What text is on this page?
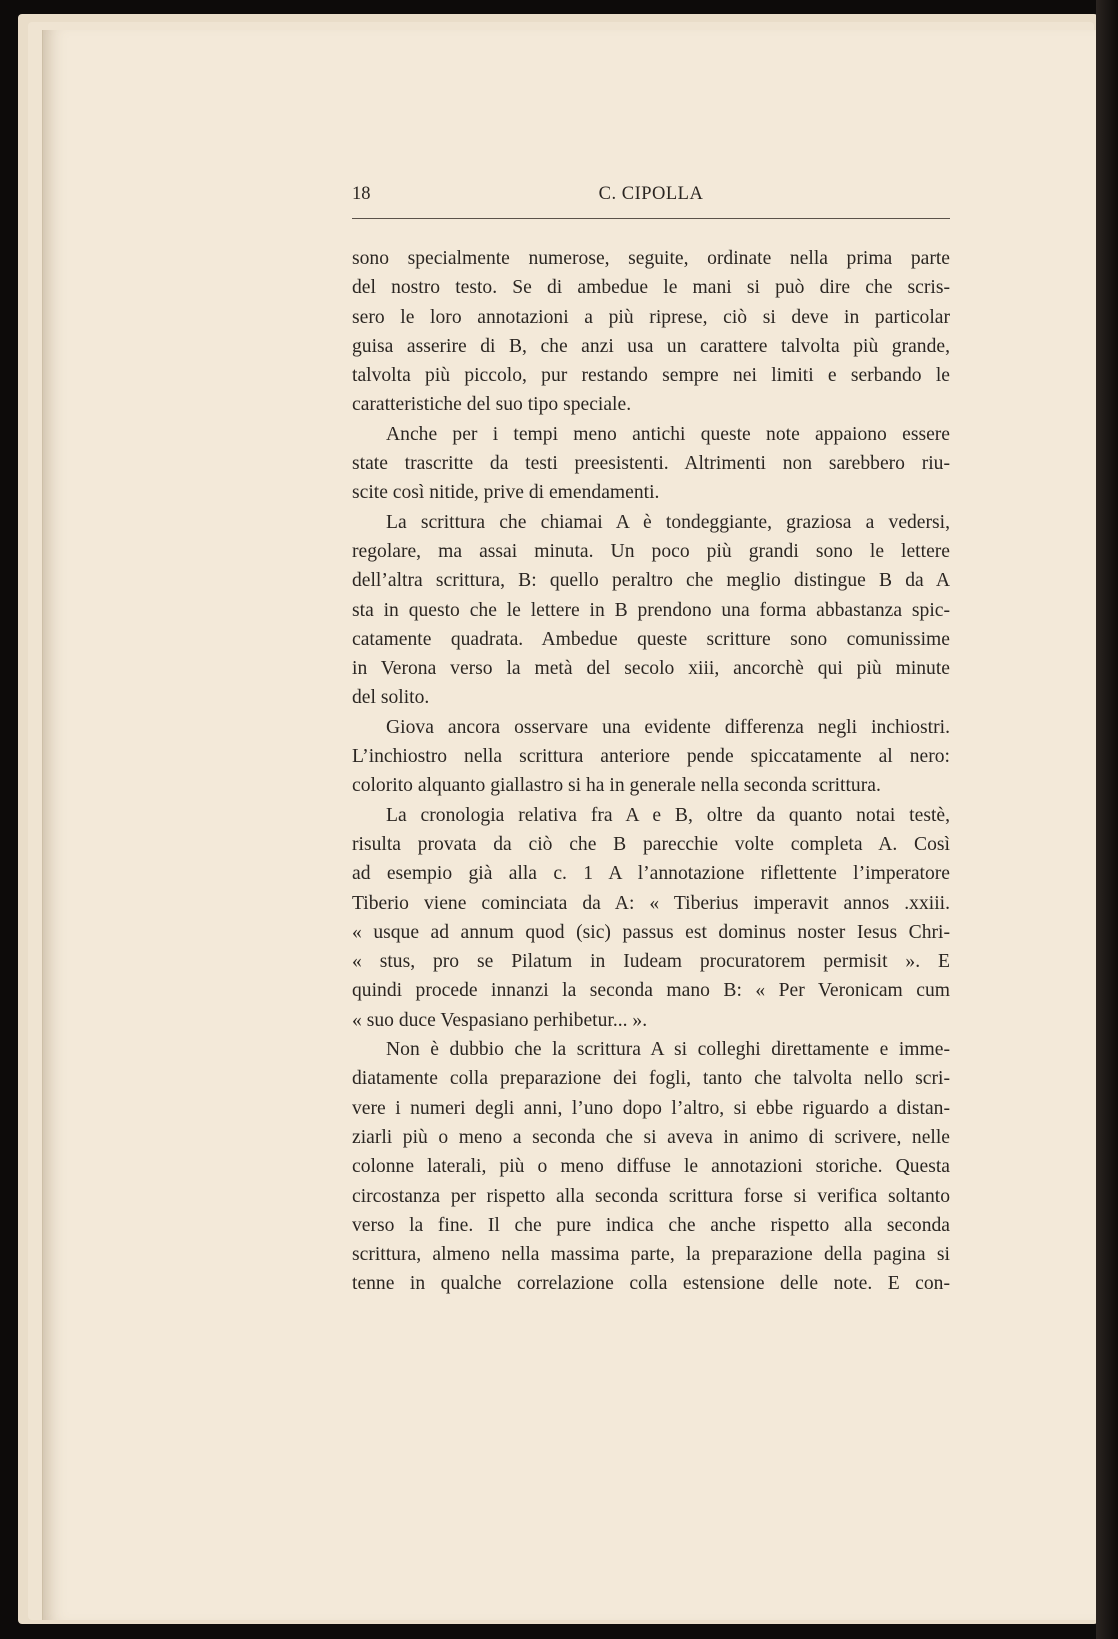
18	C. CIPOLLA
sono specialmente numerose, seguite, ordinate nella prima parte
del nostro testo. Se di ambedue le mani si può dire che scris-
sero le loro annotazioni a più riprese, ciò si deve in particolar
guisa asserire di B, che anzi usa un carattere talvolta più grande,
talvolta più piccolo, pur restando sempre nei limiti e serbando le
caratteristiche del suo tipo speciale.
Anche per i tempi meno antichi queste note appaiono essere
state trascritte da testi preesistenti. Altrimenti non sarebbero riu-
scite così nitide, prive di emendamenti.
La scrittura che chiamai A è tondeggiante, graziosa a vedersi,
regolare, ma assai minuta. Un poco più grandi sono le lettere
dell’altra scrittura, B: quello peraltro che meglio distingue B da A
sta in questo che le lettere in B prendono una forma abbastanza spic-
catamente quadrata. Ambedue queste scritture sono comunissime
in Verona verso la metà del secolo xiii, ancorchè qui più minute
del solito.
Giova ancora osservare una evidente differenza negli inchiostri.
L’inchiostro nella scrittura anteriore pende spiccatamente al nero:
colorito alquanto giallastro si ha in generale nella seconda scrittura.
La cronologia relativa fra A e B, oltre da quanto notai testè,
risulta provata da ciò che B parecchie volte completa A. Così
ad esempio già alla c. 1 A l’annotazione riflettente l’imperatore
Tiberio viene cominciata da A: « Tiberius imperavit annos .xxiii.
« usque ad annum quod (sic) passus est dominus noster Iesus Chri-
« stus, pro se Pilatum in Iudeam procuratorem permisit ». E
quindi procede innanzi la seconda mano B: « Per Veronicam cum
« suo duce Vespasiano perhibetur... ».
Non è dubbio che la scrittura A si colleghi direttamente e imme-
diatamente colla preparazione dei fogli, tanto che talvolta nello scri-
vere i numeri degli anni, l’uno dopo l’altro, si ebbe riguardo a distan-
ziarli più o meno a seconda che si aveva in animo di scrivere, nelle
colonne laterali, più o meno diffuse le annotazioni storiche. Questa
circostanza per rispetto alla seconda scrittura forse si verifica soltanto
verso la fine. Il che pure indica che anche rispetto alla seconda
scrittura, almeno nella massima parte, la preparazione della pagina si
tenne in qualche correlazione colla estensione delle note. E con-
